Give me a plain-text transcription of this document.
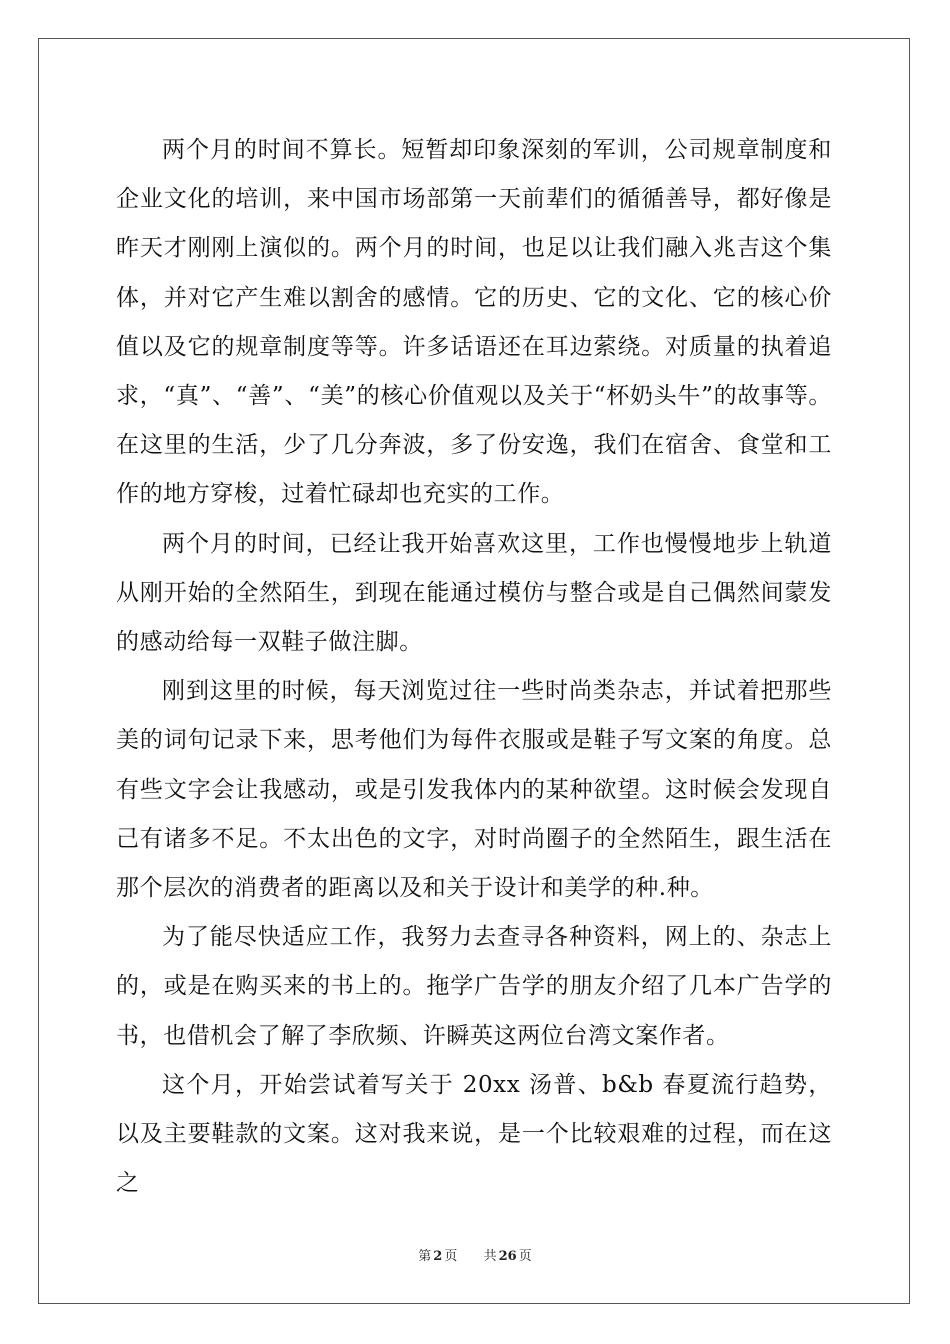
两个月的时间不算长。短暂却印象深刻的军训，公司规章制度和企业文化的培训，来中国市场部第一天前辈们的循循善导，都好像是昨天才刚刚上演似的。两个月的时间，也足以让我们融入兆吉这个集体，并对它产生难以割舍的感情。它的历史、它的文化、它的核心价值以及它的规章制度等等。许多话语还在耳边萦绕。对质量的执着追求，“真”、“善”、“美”的核心价值观以及关于“杯奶头牛”的故事等。在这里的生活，少了几分奔波，多了份安逸，我们在宿舍、食堂和工作的地方穿梭，过着忙碌却也充实的工作。

两个月的时间，已经让我开始喜欢这里，工作也慢慢地步上轨道从刚开始的全然陌生，到现在能通过模仿与整合或是自己偶然间蒙发的感动给每一双鞋子做注脚。

刚到这里的时候，每天浏览过往一些时尚类杂志，并试着把那些美的词句记录下来，思考他们为每件衣服或是鞋子写文案的角度。总有些文字会让我感动，或是引发我体内的某种欲望。这时候会发现自己有诸多不足。不太出色的文字，对时尚圈子的全然陌生，跟生活在那个层次的消费者的距离以及和关于设计和美学的种.种。

为了能尽快适应工作，我努力去查寻各种资料，网上的、杂志上的，或是在购买来的书上的。拖学广告学的朋友介绍了几本广告学的书，也借机会了解了李欣频、许瞬英这两位台湾文案作者。

这个月，开始尝试着写关于 20xx 汤普、b&b 春夏流行趋势，以及主要鞋款的文案。这对我来说，是一个比较艰难的过程，而在这之

第 2 页 共 26 页
